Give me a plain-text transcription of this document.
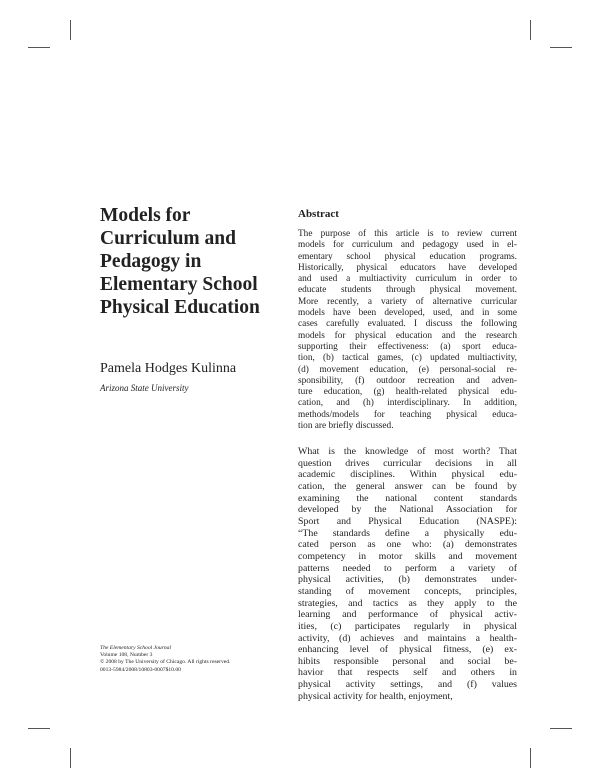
Models for
Curriculum and
Pedagogy in
Elementary School
Physical Education
Pamela Hodges Kulinna
Arizona State University
Abstract
The purpose of this article is to review current
models for curriculum and pedagogy used in el-
ementary school physical education programs.
Historically, physical educators have developed
and used a multiactivity curriculum in order to
educate students through physical movement.
More recently, a variety of alternative curricular
models have been developed, used, and in some
cases carefully evaluated. I discuss the following
models for physical education and the research
supporting their effectiveness: (a) sport educa-
tion, (b) tactical games, (c) updated multiactivity,
(d) movement education, (e) personal-social re-
sponsibility, (f) outdoor recreation and adven-
ture education, (g) health-related physical edu-
cation, and (h) interdisciplinary. In addition,
methods/models for teaching physical educa-
tion are briefly discussed.
What is the knowledge of most worth? That
question drives curricular decisions in all
academic disciplines. Within physical edu-
cation, the general answer can be found by
examining the national content standards
developed by the National Association for
Sport and Physical Education (NASPE):
“The standards define a physically edu-
cated person as one who: (a) demonstrates
competency in motor skills and movement
patterns needed to perform a variety of
physical activities, (b) demonstrates under-
standing of movement concepts, principles,
strategies, and tactics as they apply to the
learning and performance of physical activ-
ities, (c) participates regularly in physical
activity, (d) achieves and maintains a health-
enhancing level of physical fitness, (e) ex-
hibits responsible personal and social be-
havior that respects self and others in
physical activity settings, and (f) values
physical activity for health, enjoyment,
The Elementary School Journal
Volume 108, Number 3
© 2008 by The University of Chicago. All rights reserved.
0013-5984/2008/10803-0007$10.00
